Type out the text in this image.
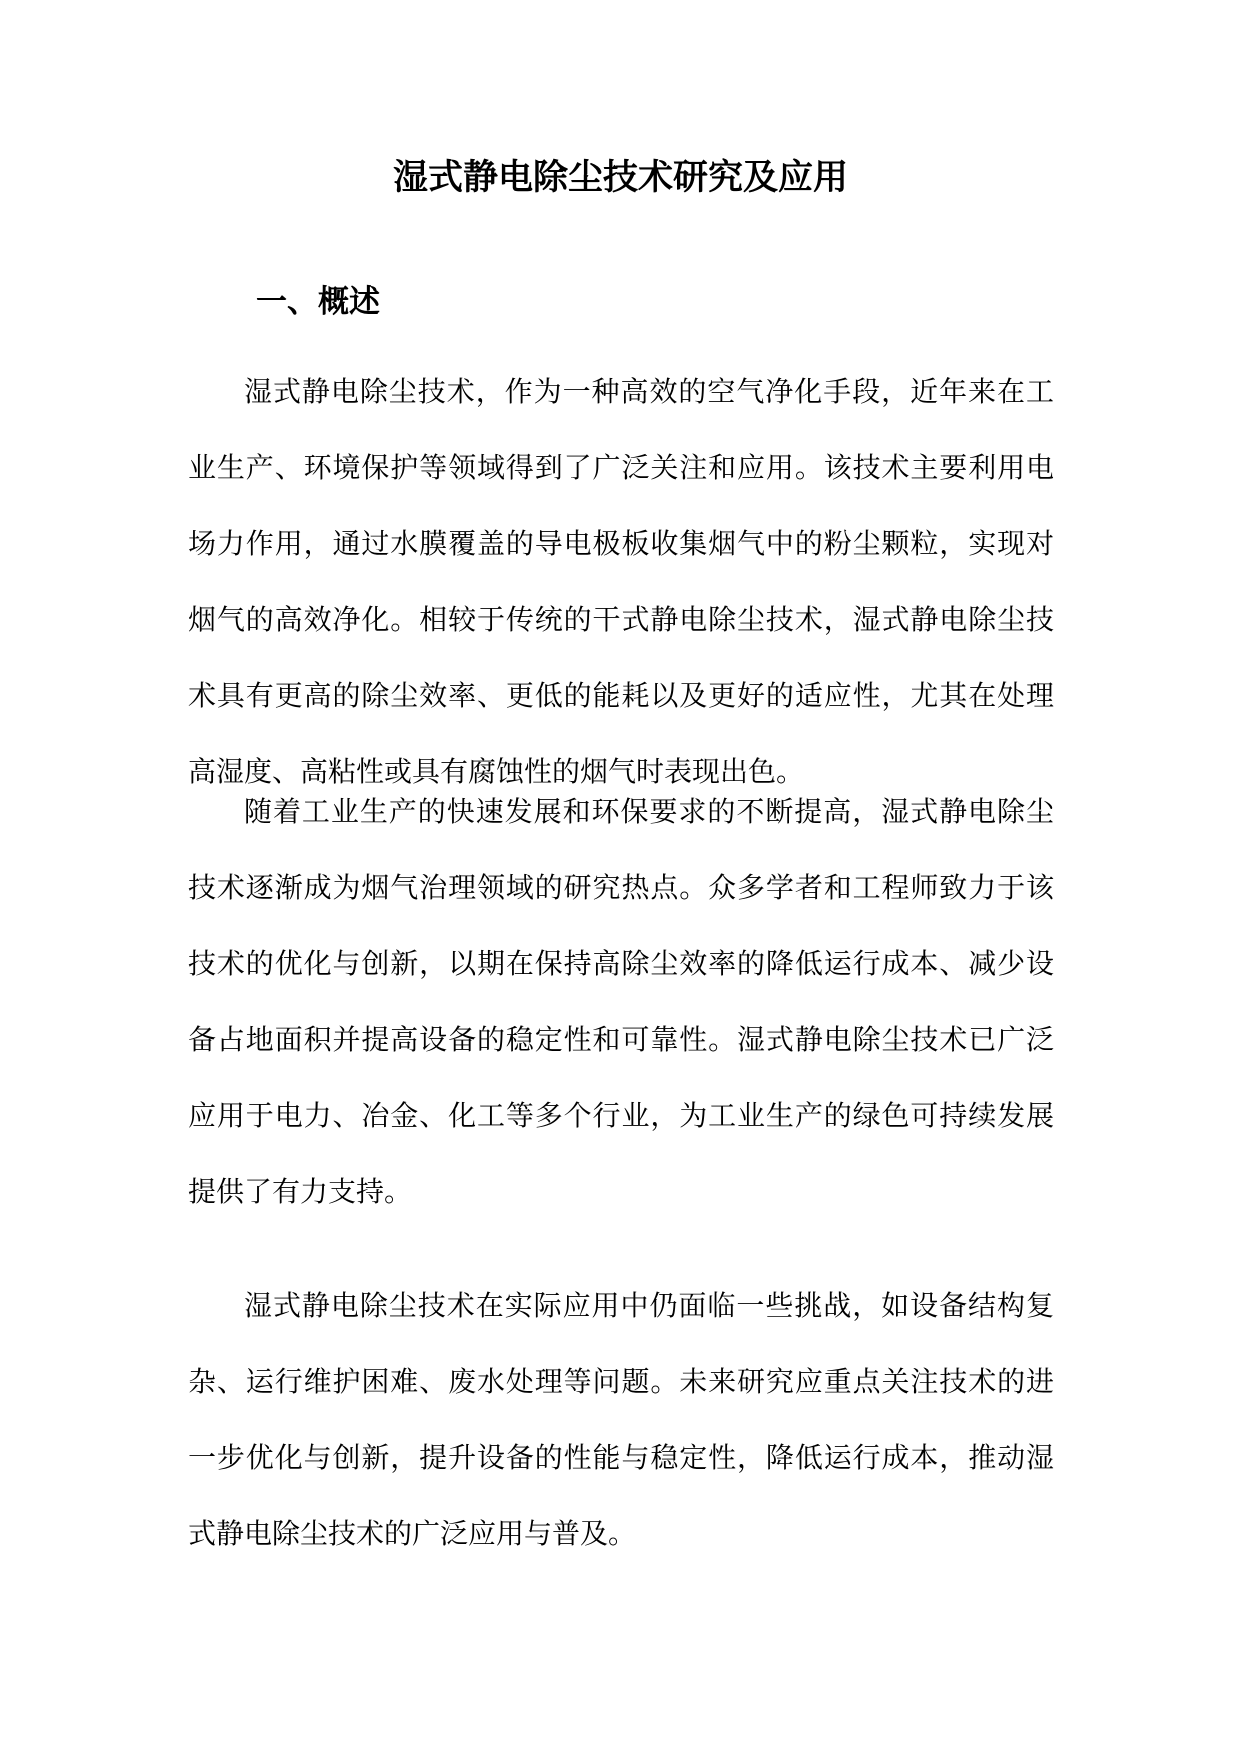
湿式静电除尘技术研究及应用
一、概述

湿式静电除尘技术，作为一种高效的空气净化手段，近年来在工业生产、环境保护等领域得到了广泛关注和应用。该技术主要利用电场力作用，通过水膜覆盖的导电极板收集烟气中的粉尘颗粒，实现对烟气的高效净化。相较于传统的干式静电除尘技术，湿式静电除尘技术具有更高的除尘效率、更低的能耗以及更好的适应性，尤其在处理高湿度、高粘性或具有腐蚀性的烟气时表现出色。

随着工业生产的快速发展和环保要求的不断提高，湿式静电除尘技术逐渐成为烟气治理领域的研究热点。众多学者和工程师致力于该技术的优化与创新，以期在保持高除尘效率的降低运行成本、减少设备占地面积并提高设备的稳定性和可靠性。湿式静电除尘技术已广泛应用于电力、冶金、化工等多个行业，为工业生产的绿色可持续发展提供了有力支持。

湿式静电除尘技术在实际应用中仍面临一些挑战，如设备结构复杂、运行维护困难、废水处理等问题。未来研究应重点关注技术的进一步优化与创新，提升设备的性能与稳定性，降低运行成本，推动湿式静电除尘技术的广泛应用与普及。
